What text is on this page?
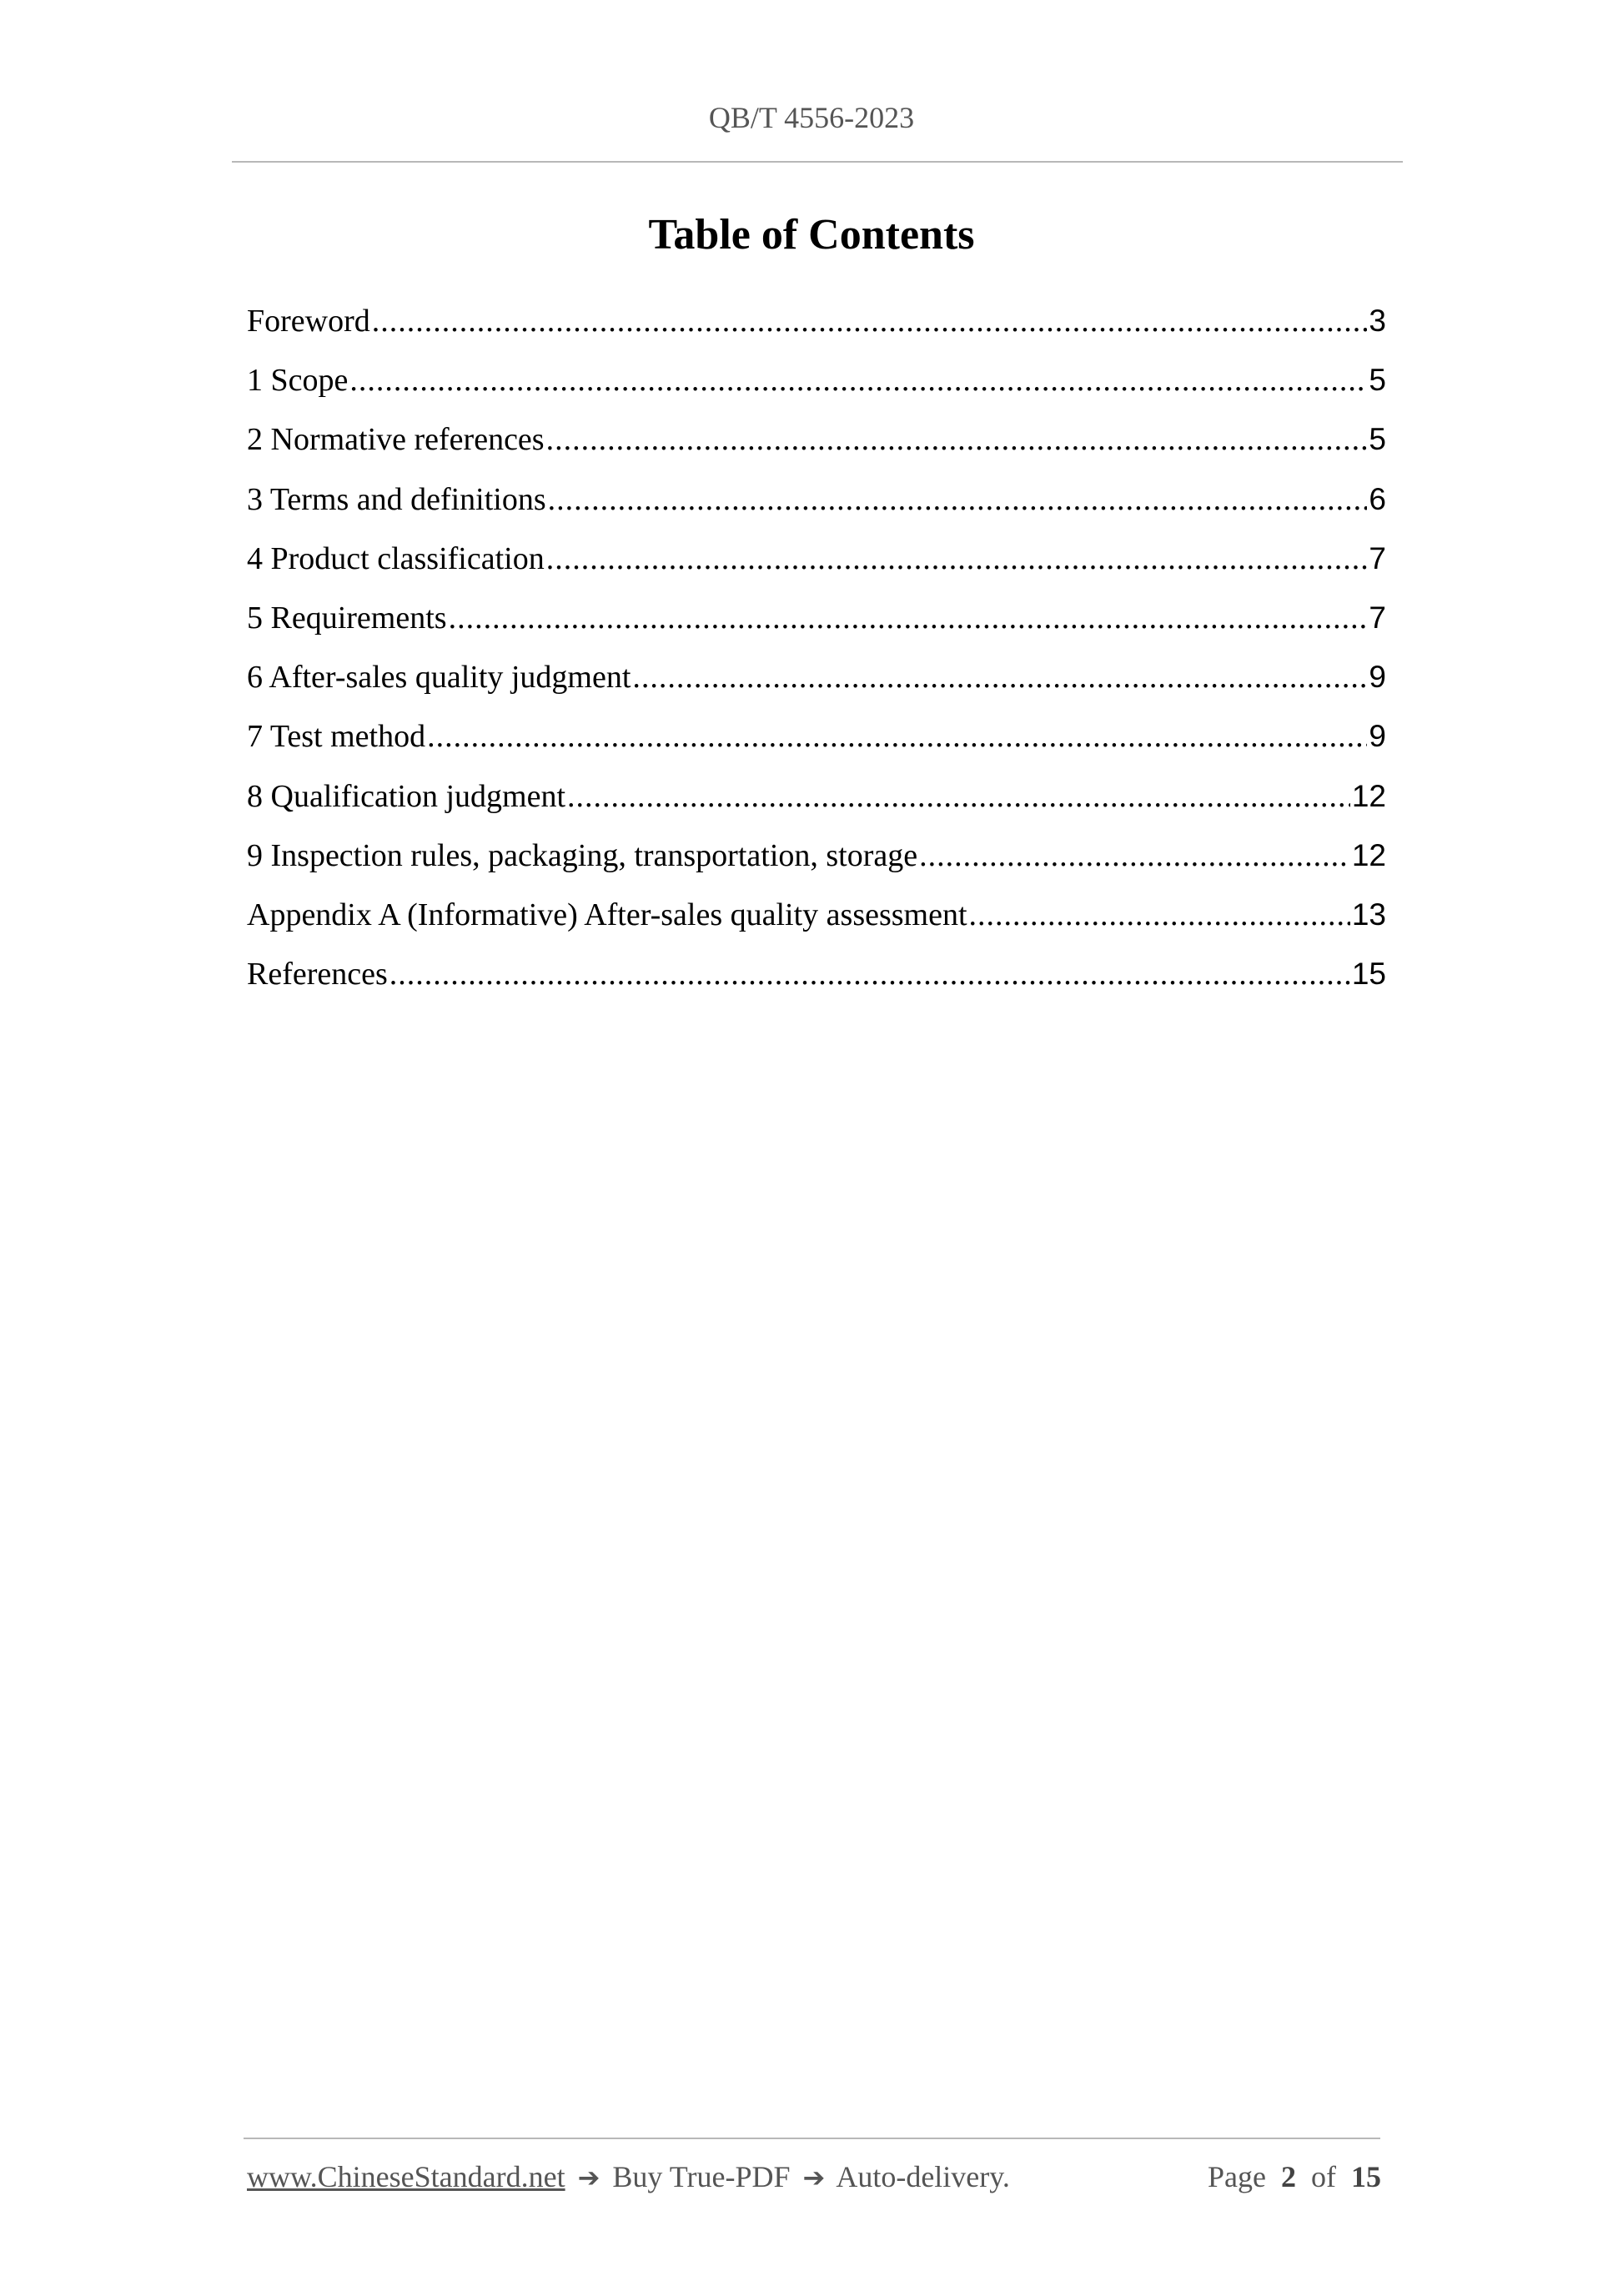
QB/T 4556-2023
Table of Contents
Foreword .....	3
1 Scope .....	5
2 Normative references .....	5
3 Terms and definitions .....	6
4 Product classification .....	7
5 Requirements .....	7
6 After-sales quality judgment .....	9
7 Test method .....	9
8 Qualification judgment .....	12
9 Inspection rules, packaging, transportation, storage .....	12
Appendix A (Informative) After-sales quality assessment .....	13
References .....	15
www.ChineseStandard.net ➔ Buy True-PDF ➔ Auto-delivery.	Page 2 of 15
